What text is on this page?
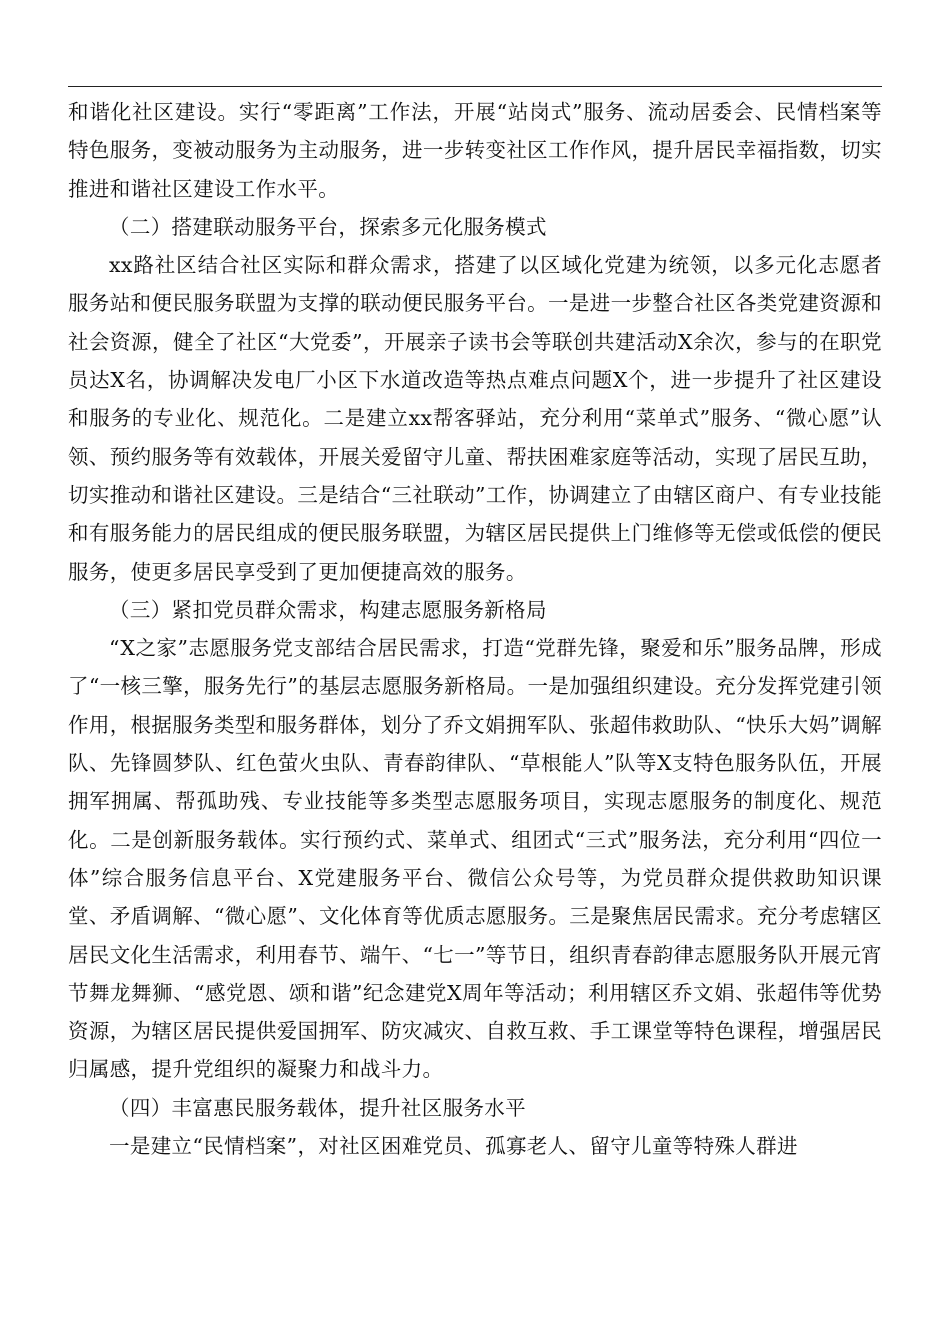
和谐化社区建设。实行“零距离”工作法，开展“站岗式”服务、流动居委会、民情档案等特色服务，变被动服务为主动服务，进一步转变社区工作作风，提升居民幸福指数，切实推进和谐社区建设工作水平。

（二）搭建联动服务平台，探索多元化服务模式

xx路社区结合社区实际和群众需求，搭建了以区域化党建为统领，以多元化志愿者服务站和便民服务联盟为支撑的联动便民服务平台。一是进一步整合社区各类党建资源和社会资源，健全了社区“大党委”，开展亲子读书会等联创共建活动X余次，参与的在职党员达X名，协调解决发电厂小区下水道改造等热点难点问题X个，进一步提升了社区建设和服务的专业化、规范化。二是建立xx帮客驿站，充分利用“菜单式”服务、“微心愿”认领、预约服务等有效载体，开展关爱留守儿童、帮扶困难家庭等活动，实现了居民互助，切实推动和谐社区建设。三是结合“三社联动”工作，协调建立了由辖区商户、有专业技能和有服务能力的居民组成的便民服务联盟，为辖区居民提供上门维修等无偿或低偿的便民服务，使更多居民享受到了更加便捷高效的服务。

（三）紧扣党员群众需求，构建志愿服务新格局

“X之家”志愿服务党支部结合居民需求，打造“党群先锋，聚爱和乐”服务品牌，形成了“一核三擎，服务先行”的基层志愿服务新格局。一是加强组织建设。充分发挥党建引领作用，根据服务类型和服务群体，划分了乔文娟拥军队、张超伟救助队、“快乐大妈”调解队、先锋圆梦队、红色萤火虫队、青春韵律队、“草根能人”队等X支特色服务队伍，开展拥军拥属、帮孤助残、专业技能等多类型志愿服务项目，实现志愿服务的制度化、规范化。二是创新服务载体。实行预约式、菜单式、组团式“三式”服务法，充分利用“四位一体”综合服务信息平台、X党建服务平台、微信公众号等，为党员群众提供救助知识课堂、矛盾调解、“微心愿”、文化体育等优质志愿服务。三是聚焦居民需求。充分考虑辖区居民文化生活需求，利用春节、端午、“七一”等节日，组织青春韵律志愿服务队开展元宵节舞龙舞狮、“感党恩、颂和谐”纪念建党X周年等活动；利用辖区乔文娟、张超伟等优势资源，为辖区居民提供爱国拥军、防灾减灾、自救互救、手工课堂等特色课程，增强居民归属感，提升党组织的凝聚力和战斗力。

（四）丰富惠民服务载体，提升社区服务水平

一是建立“民情档案”，对社区困难党员、孤寡老人、留守儿童等特殊人群进
